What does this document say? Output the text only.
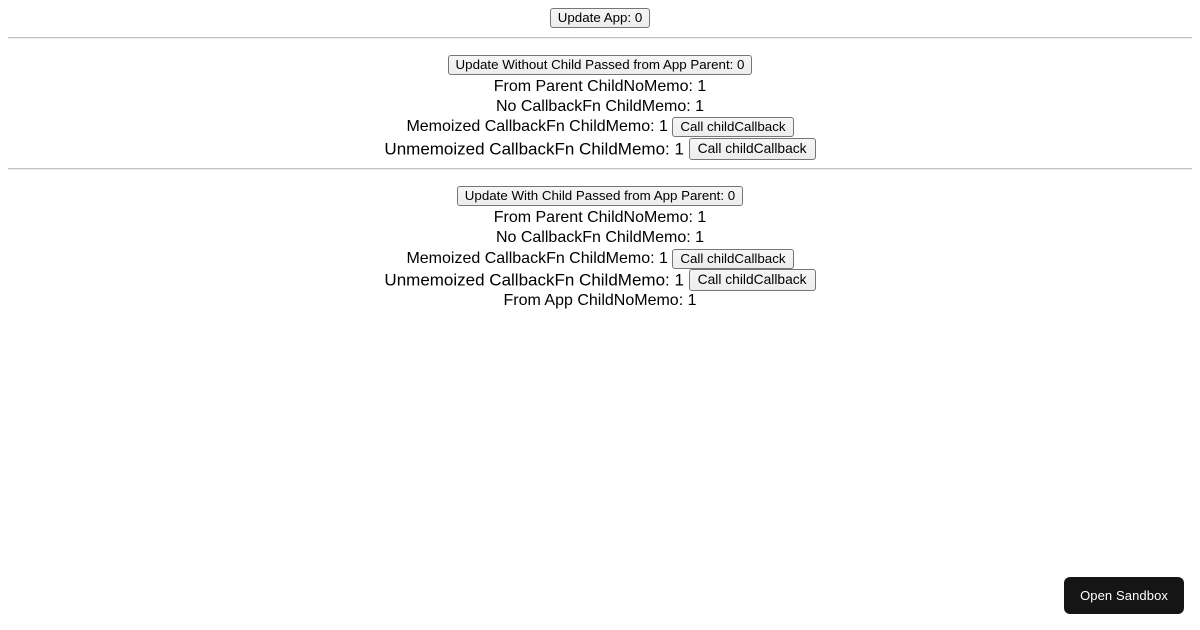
Update App: 0
Update Without Child Passed from App Parent: 0
From Parent ChildNoMemo: 1
No CallbackFn ChildMemo: 1
Memoized CallbackFn ChildMemo: 1 Call childCallback
Unmemoized CallbackFn ChildMemo: 1 Call childCallback
Update With Child Passed from App Parent: 0
From Parent ChildNoMemo: 1
No CallbackFn ChildMemo: 1
Memoized CallbackFn ChildMemo: 1 Call childCallback
Unmemoized CallbackFn ChildMemo: 1 Call childCallback
From App ChildNoMemo: 1
Open Sandbox
